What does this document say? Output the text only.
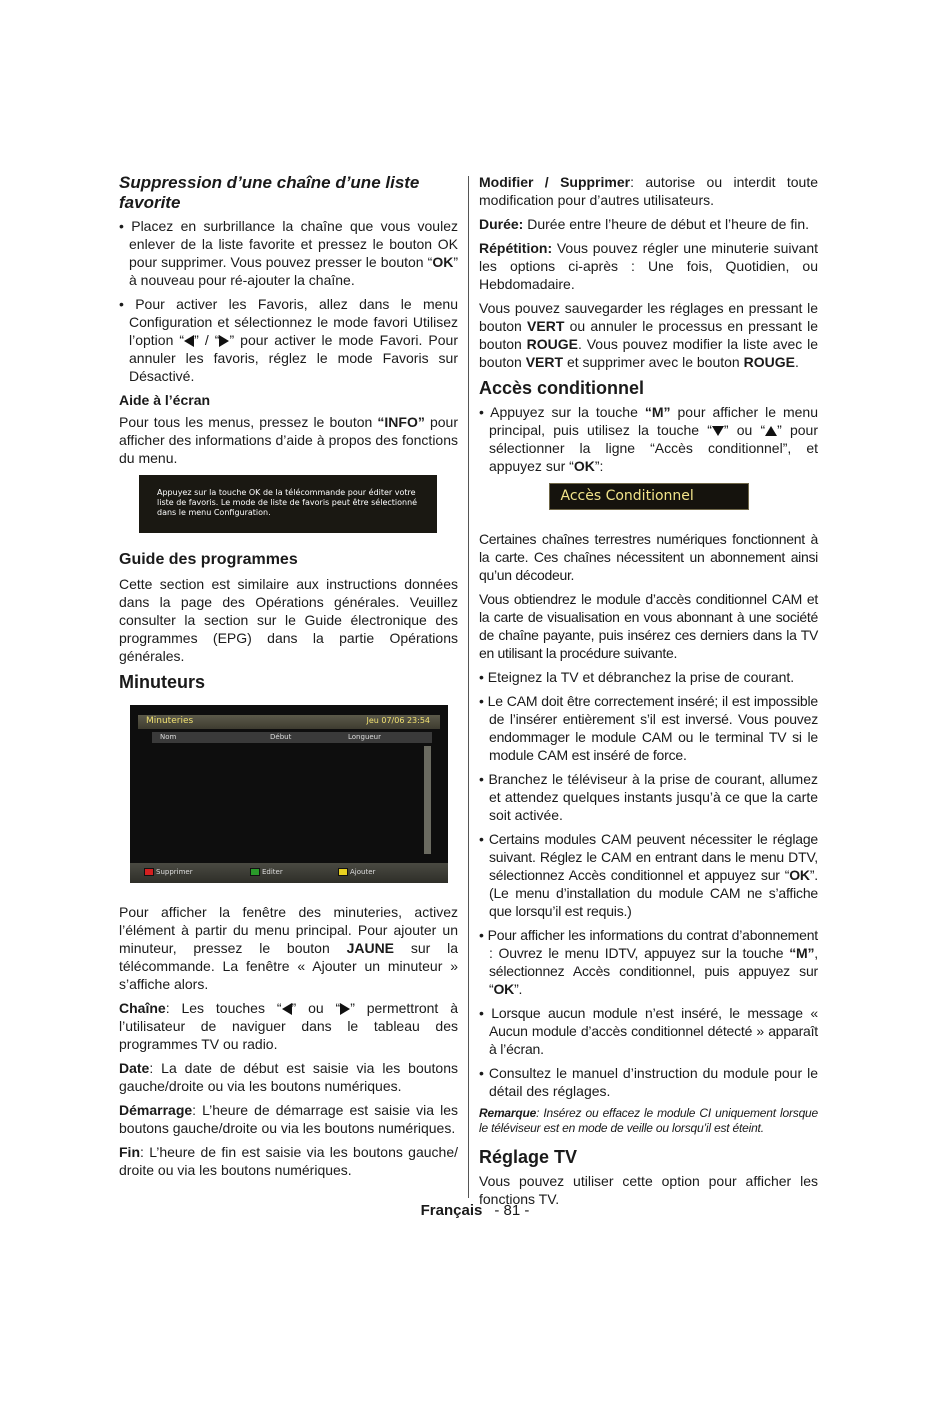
Suppression d’une chaîne d’une liste favorite

• Placez en surbrillance la chaîne que vous voulez enlever de la liste favorite et pressez le bouton OK pour supprimer. Vous pouvez presser le bouton “OK” à nouveau pour ré-ajouter la chaîne.

• Pour activer les Favoris, allez dans le menu Configuration et sélectionnez le mode favori Utilisez l’option “ ” / “ ” pour activer le mode Favori. Pour annuler les favoris, réglez le mode Favoris sur Désactivé.

Aide à l’écran

Pour tous les menus, pressez le bouton “INFO” pour afficher des informations d’aide à propos des fonctions du menu.

Appuyez sur la touche OK de la télécommande pour éditer votre liste de favoris. Le mode de liste de favoris peut être sélectionné dans le menu Configuration.
Guide des programmes

Cette section est similaire aux instructions données dans la page des Opérations générales. Veuillez consulter la section sur le Guide électronique des programmes (EPG) dans la partie Opérations générales.

Minuteurs
Minuteries	Jeu 07/06 23:54
Nom	Début	Longueur
Supprimer	Editer	Ajouter

Pour afficher la fenêtre des minuteries, activez l’élément à partir du menu principal. Pour ajouter un minuteur, pressez le bouton JAUNE sur la télécommande. La fenêtre « Ajouter un minuteur » s’affiche alors.

Chaîne: Les touches “ ” ou “ ” permettront à l’utilisateur de naviguer dans le tableau des programmes TV ou radio.

Date: La date de début est saisie via les boutons gauche/droite ou via les boutons numériques.

Démarrage: L’heure de démarrage est saisie via les boutons gauche/droite ou via les boutons numériques.

Fin: L’heure de fin est saisie via les boutons gauche/ droite ou via les boutons numériques.

Modifier / Supprimer: autorise ou interdit toute modification pour d’autres utilisateurs.

Durée: Durée entre l’heure de début et l’heure de fin.

Répétition: Vous pouvez régler une minuterie suivant les options ci-après : Une fois, Quotidien, ou Hebdomadaire.

Vous pouvez sauvegarder les réglages en pressant le bouton VERT ou annuler le processus en pressant le bouton ROUGE. Vous pouvez modifier la liste avec le bouton VERT et supprimer avec le bouton ROUGE.

Accès conditionnel

• Appuyez sur la touche “M” pour afficher le menu principal, puis utilisez la touche “ ” ou “ ” pour sélectionner la ligne “Accès conditionnel”, et appuyez sur “OK”:

Accès Conditionnel

Certaines chaînes terrestres numériques fonctionnent à la carte. Ces chaînes nécessitent un abonnement ainsi qu’un décodeur.

Vous obtiendrez le module d’accès conditionnel CAM et la carte de visualisation en vous abonnant à une société de chaîne payante, puis insérez ces derniers dans la TV en utilisant la procédure suivante.

• Eteignez la TV et débranchez la prise de courant.

• Le CAM doit être correctement inséré; il est impossible de l’insérer entièrement s’il est inversé. Vous pouvez endommager le module CAM ou le terminal TV si le module CAM est inséré de force.

• Branchez le téléviseur à la prise de courant, allumez et attendez quelques instants jusqu’à ce que la carte soit activée.

• Certains modules CAM peuvent nécessiter le réglage suivant. Réglez le CAM en entrant dans le menu DTV, sélectionnez Accès conditionnel et appuyez sur “OK”. (Le menu d’installation du module CAM ne s’affiche que lorsqu’il est requis.)

• Pour afficher les informations du contrat d’abonnement : Ouvrez le menu IDTV, appuyez sur la touche “M”, sélectionnez Accès conditionnel, puis appuyez sur “OK”.

• Lorsque aucun module n’est inséré, le message « Aucun module d’accès conditionnel détecté » apparaît à l’écran.

• Consultez le manuel d’instruction du module pour le détail des réglages.

Remarque: Insérez ou effacez le module CI uniquement lorsque le téléviseur est en mode de veille ou lorsqu’il est éteint.

Réglage TV

Vous pouvez utiliser cette option pour afficher les fonctions TV.

Français - 81 -
